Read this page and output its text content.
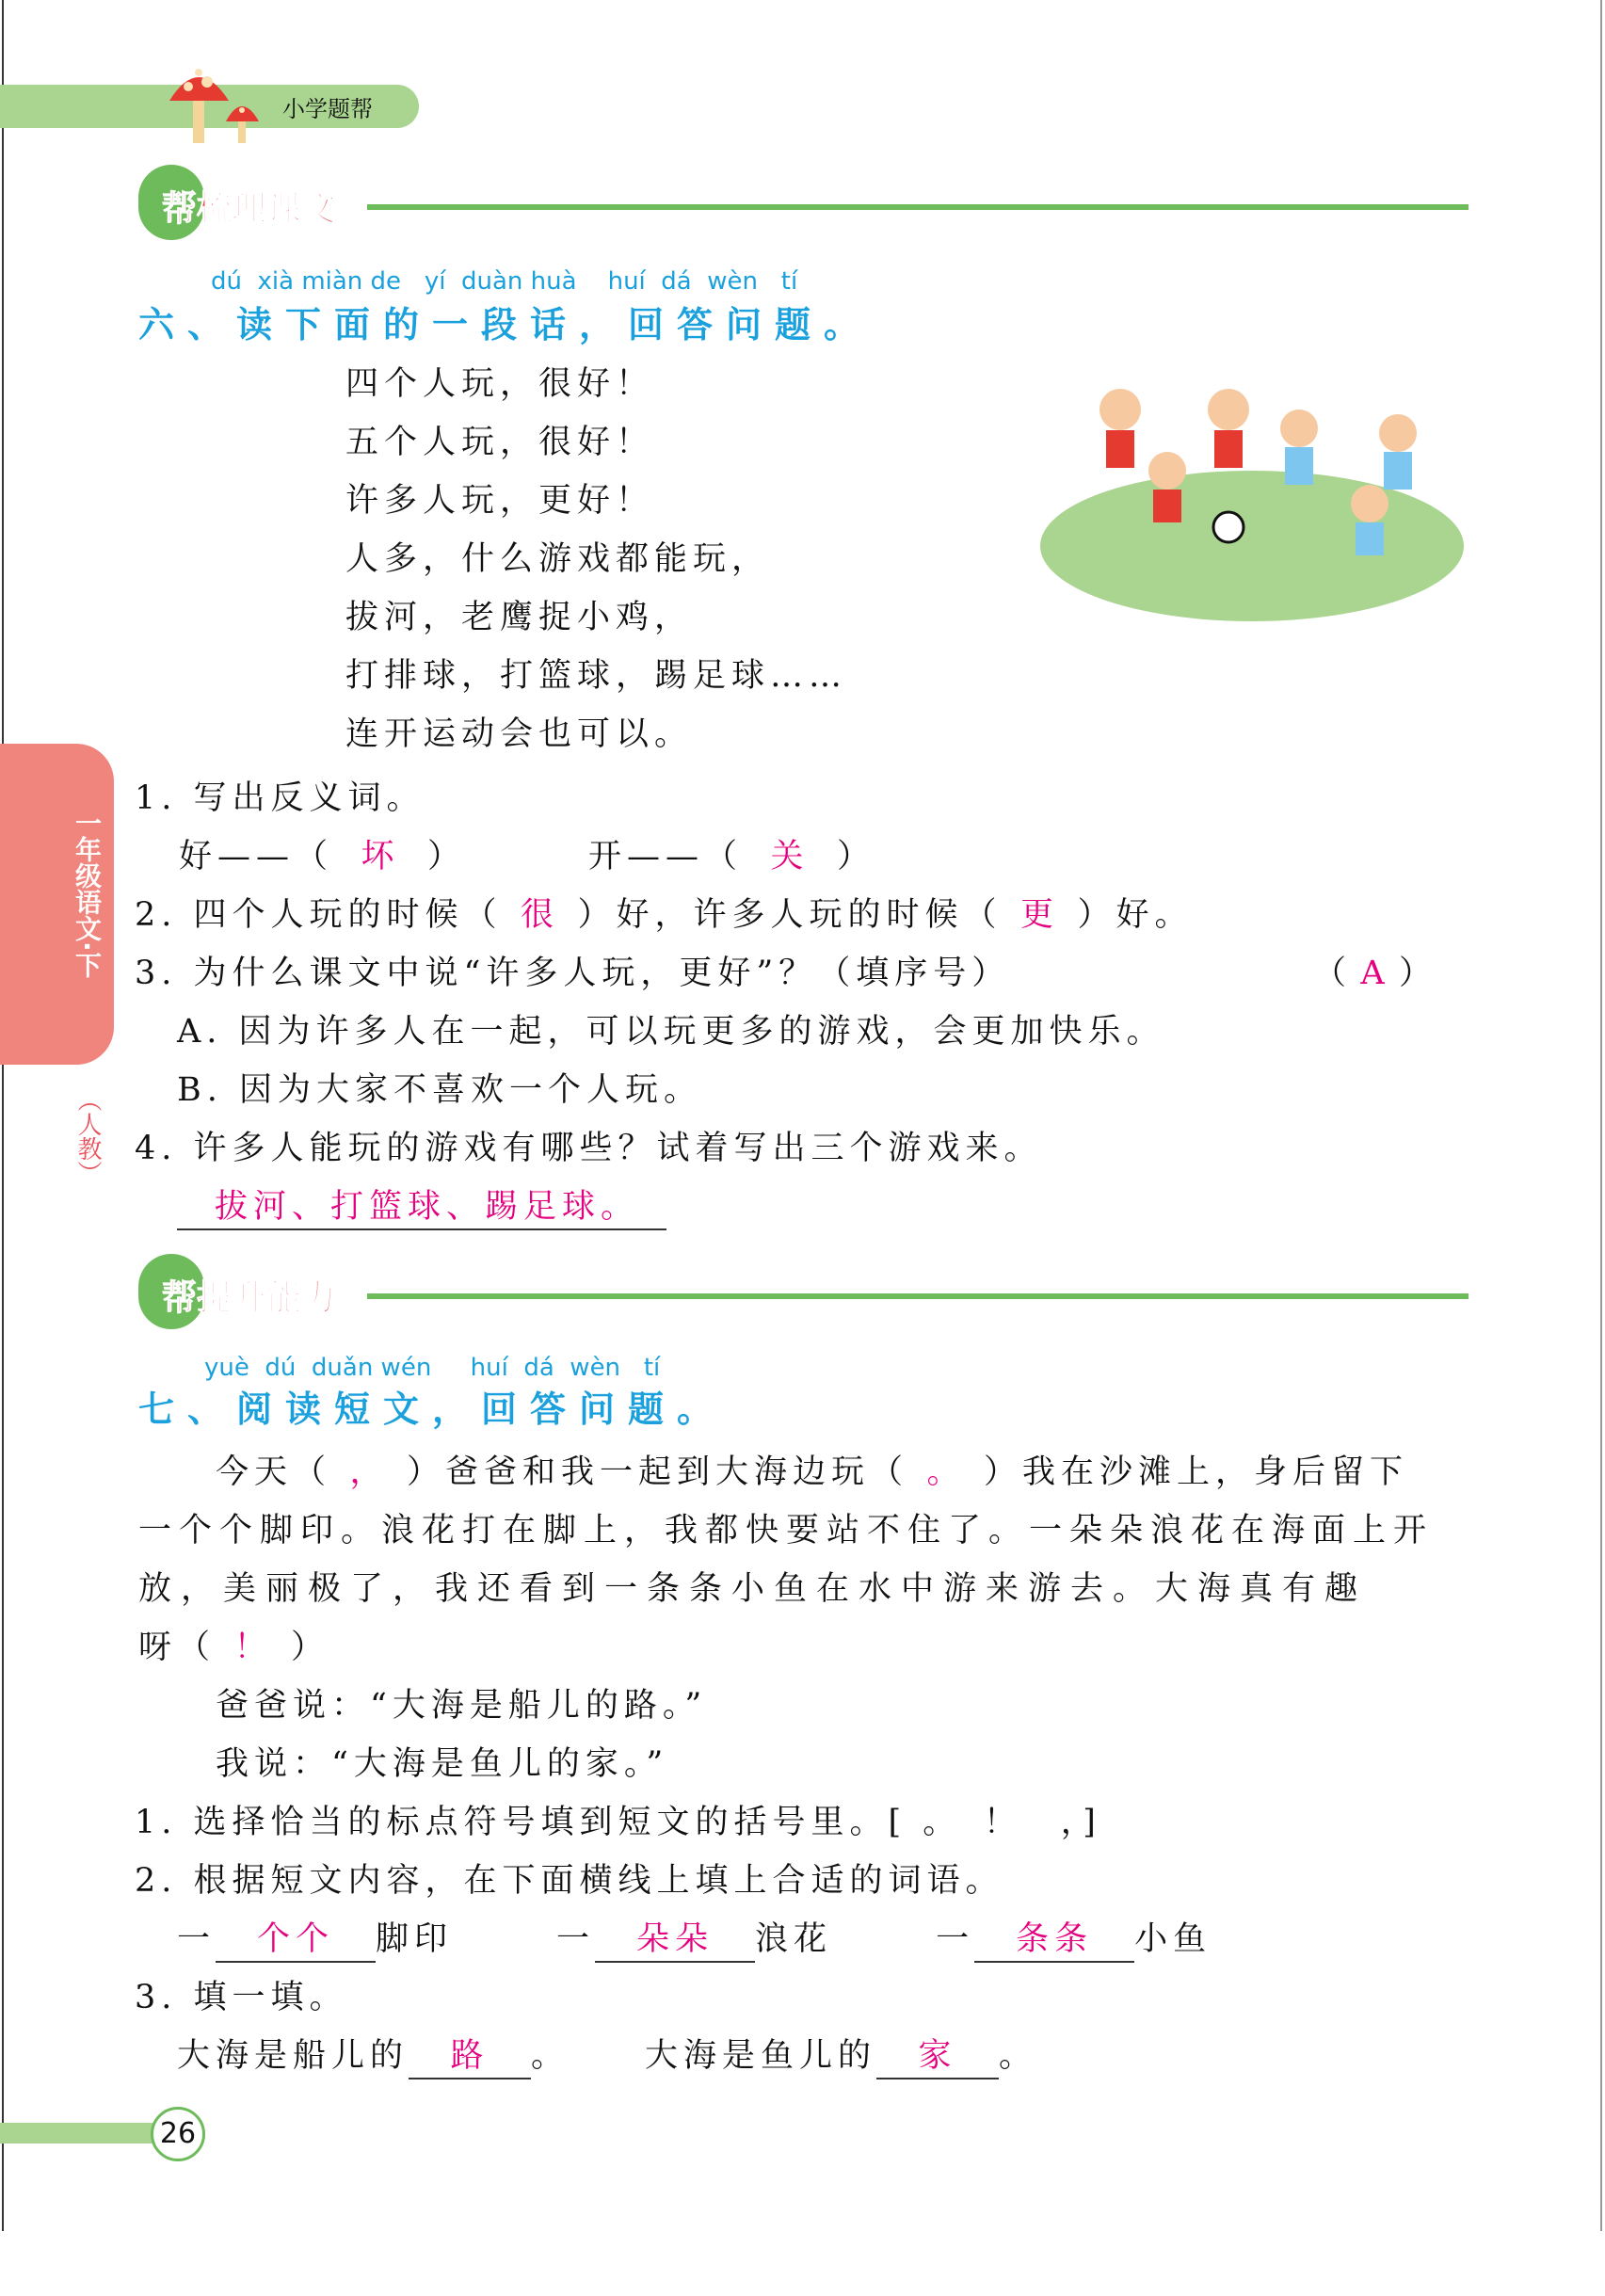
小学题帮
一年级语文·下
（人教）
帮梳理课文
dú  xià miàn de   yí  duàn huà    huí  dá  wèn   tí
六、读下面的一段话，回答问题。
四个人玩，很好！
五个人玩，很好！
许多人玩，更好！
人多，什么游戏都能玩，
拔河，老鹰捉小鸡，
打排球，打篮球，踢足球……
连开运动会也可以。
1. 写出反义词。
好——（ 坏 ）	开——（ 关 ）
2. 四个人玩的时候（ 很 ）好，许多人玩的时候（ 更 ）好。
3. 为什么课文中说“许多人玩，更好”？（填序号）	（ A ）
A. 因为许多人在一起，可以玩更多的游戏，会更加快乐。
B. 因为大家不喜欢一个人玩。
4. 许多人能玩的游戏有哪些？试着写出三个游戏来。
拔河、打篮球、踢足球。
帮提升能力
yuè  dú  duǎn wén     huí  dá  wèn   tí
七、阅读短文，回答问题。
　　今天（ ， ）爸爸和我一起到大海边玩（ 。 ）我在沙滩上，身后留下
一个个脚印。浪花打在脚上，我都快要站不住了。一朵朵浪花在海面上开
放，美丽极了，我还看到一条条小鱼在水中游来游去。大海真有趣
呀（ ！ ）
　　爸爸说：“大海是船儿的路。”
　　我说：“大海是鱼儿的家。”
1. 选择恰当的标点符号填到短文的括号里。[ 。　！　，]
2. 根据短文内容，在下面横线上填上合适的词语。
一 个个 脚印	一 朵朵 浪花	一 条条 小鱼
3. 填一填。
大海是船儿的 路 。 大海是鱼儿的 家 。
26
